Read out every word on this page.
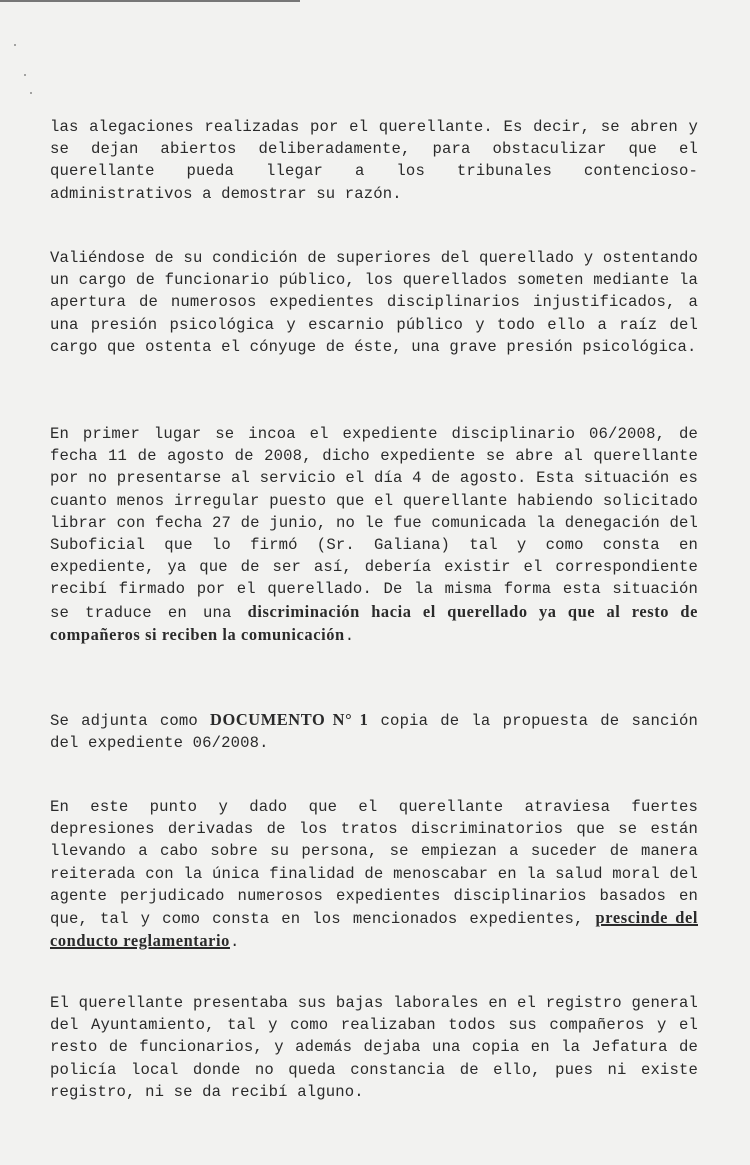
las alegaciones realizadas por el querellante. Es decir, se abren y se dejan abiertos deliberadamente, para obstaculizar que el querellante pueda llegar a los tribunales contencioso-administrativos a demostrar su razón.

Valiéndose de su condición de superiores del querellado y ostentando un cargo de funcionario público, los querellados someten mediante la apertura de numerosos expedientes disciplinarios injustificados, a una presión psicológica y escarnio público y todo ello a raíz del cargo que ostenta el cónyuge de éste, una grave presión psicológica.

En primer lugar se incoa el expediente disciplinario 06/2008, de fecha 11 de agosto de 2008, dicho expediente se abre al querellante por no presentarse al servicio el día 4 de agosto. Esta situación es cuanto menos irregular puesto que el querellante habiendo solicitado librar con fecha 27 de junio, no le fue comunicada la denegación del Suboficial que lo firmó (Sr. Galiana) tal y como consta en expediente, ya que de ser así, debería existir el correspondiente recibí firmado por el querellado. De la misma forma esta situación se traduce en una discriminación hacia el querellado ya que al resto de compañeros si reciben la comunicación.

Se adjunta como DOCUMENTO N° 1 copia de la propuesta de sanción del expediente 06/2008.

En este punto y dado que el querellante atraviesa fuertes depresiones derivadas de los tratos discriminatorios que se están llevando a cabo sobre su persona, se empiezan a suceder de manera reiterada con la única finalidad de menoscabar en la salud moral del agente perjudicado numerosos expedientes disciplinarios basados en que, tal y como consta en los mencionados expedientes, prescinde del conducto reglamentario.

El querellante presentaba sus bajas laborales en el registro general del Ayuntamiento, tal y como realizaban todos sus compañeros y el resto de funcionarios, y además dejaba una copia en la Jefatura de policía local donde no queda constancia de ello, pues ni existe registro, ni se da recibí alguno.
